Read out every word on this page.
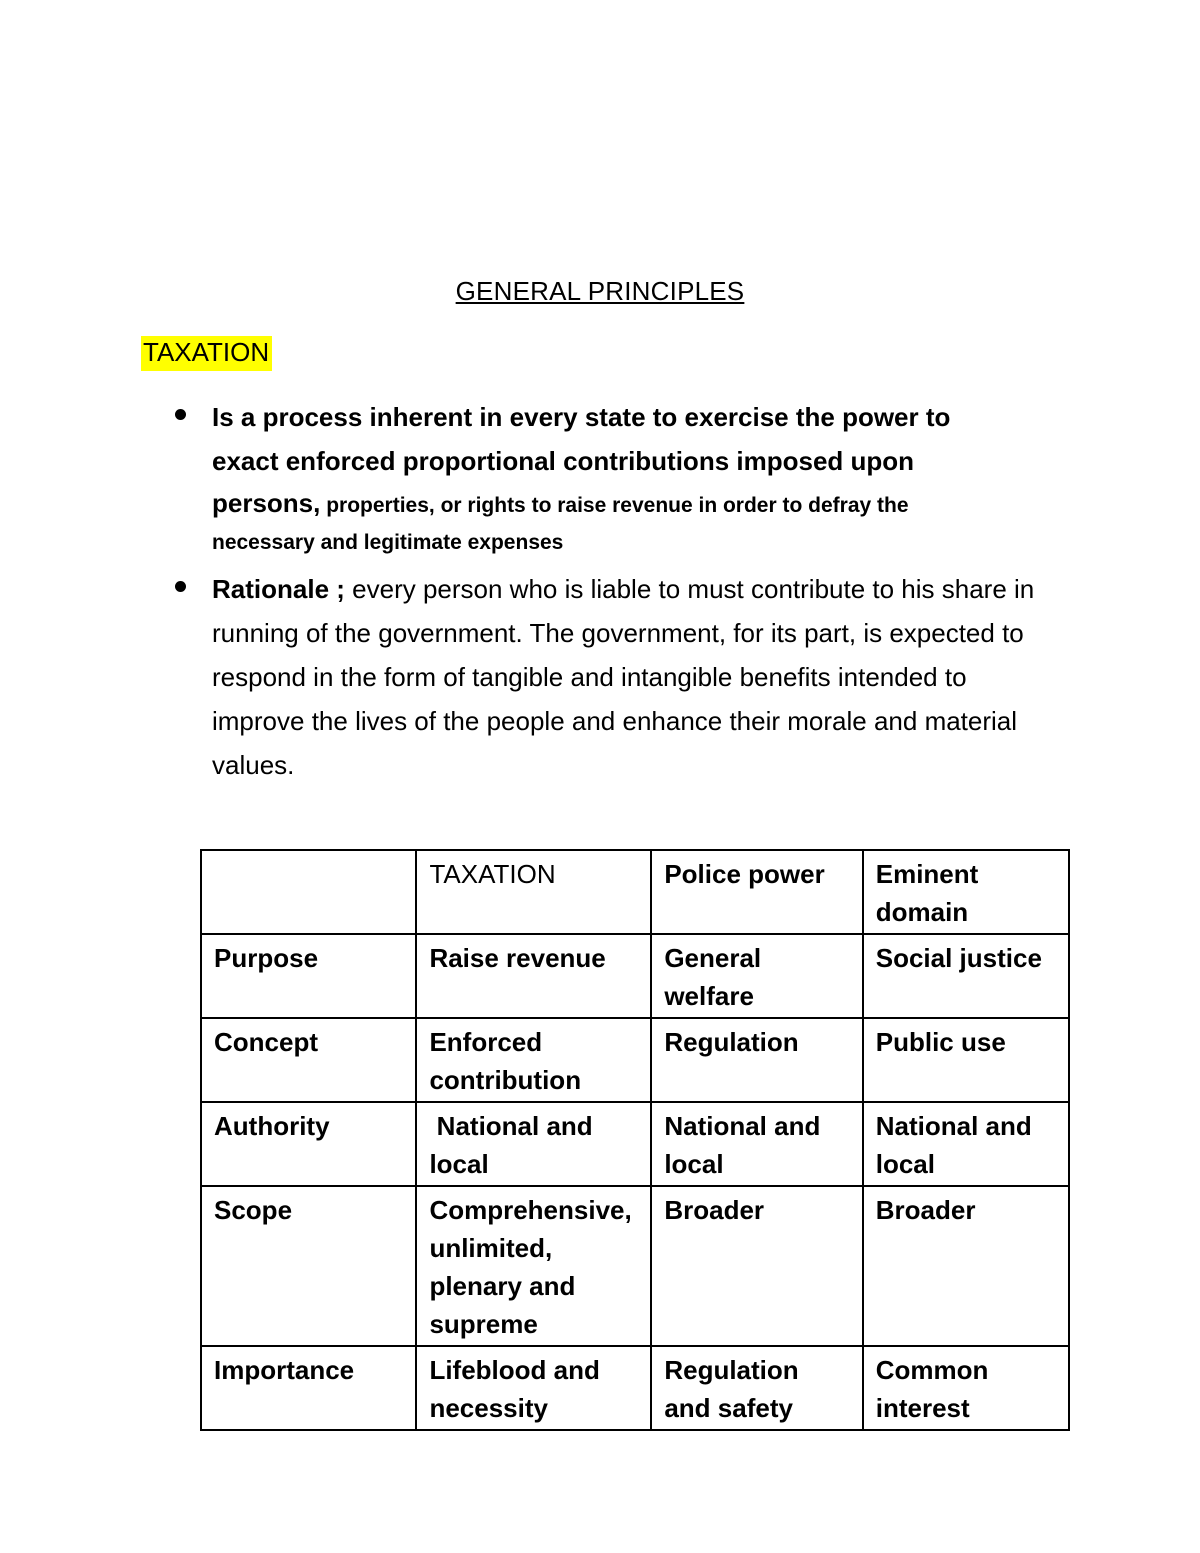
GENERAL PRINCIPLES
TAXATION
Is a process inherent in every state to exercise the power to
exact enforced proportional contributions imposed upon
persons, properties, or rights to raise revenue in order to defray the
necessary and legitimate expenses
Rationale ; every person who is liable to must contribute to his share in running of the government. The government, for its part, is expected to respond in the form of tangible and intangible benefits intended to improve the lives of the people and enhance their morale and material values.
	TAXATION	Police power	Eminent domain
Purpose	Raise revenue	General welfare	Social justice
Concept	Enforced contribution	Regulation	Public use
Authority	National and local	National and local	National and local
Scope	Comprehensive, unlimited, plenary and supreme	Broader	Broader
Importance	Lifeblood and necessity	Regulation and safety	Common interest
